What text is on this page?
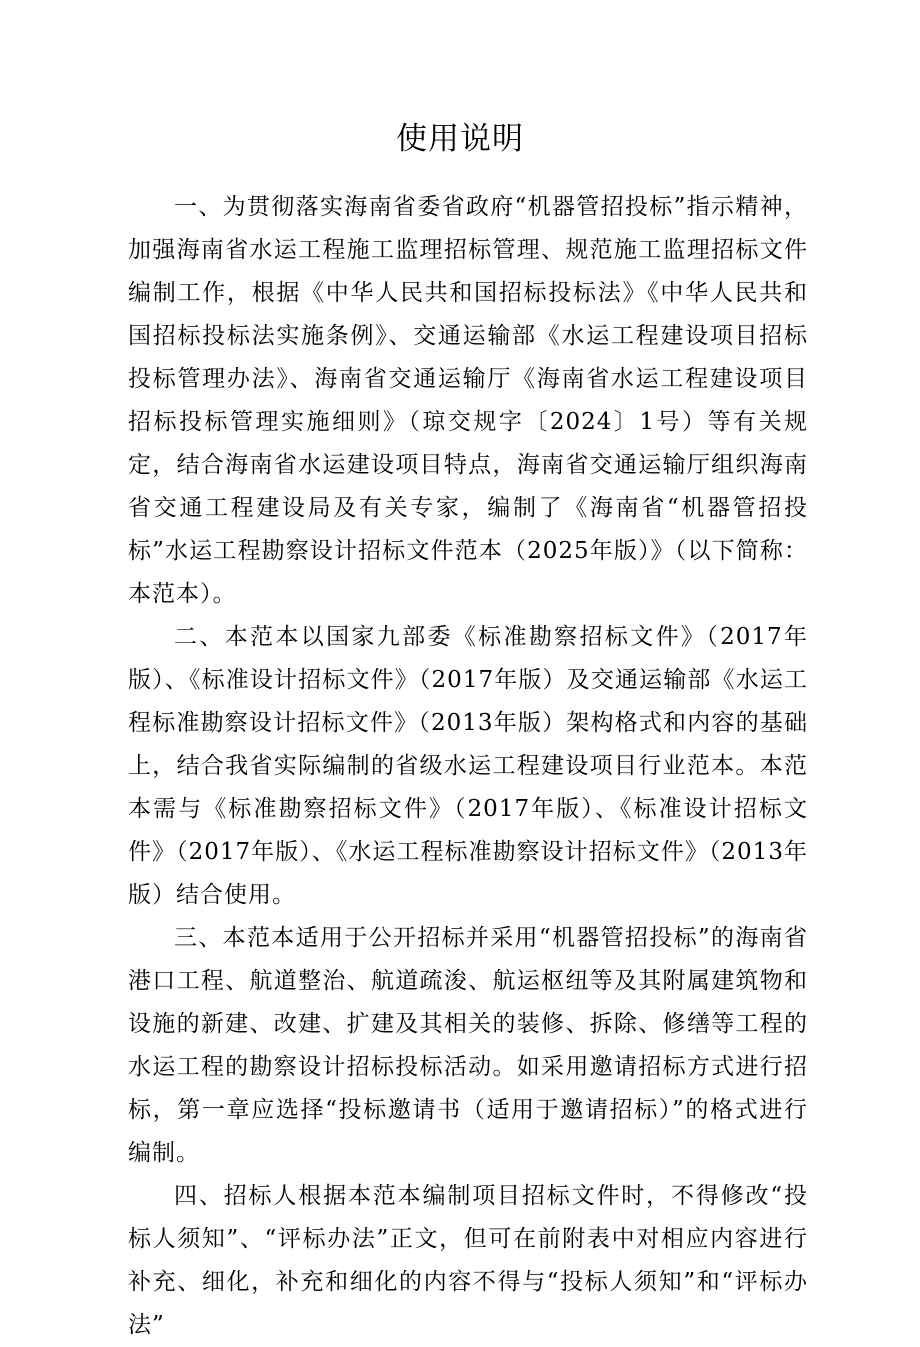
使用说明

一、为贯彻落实海南省委省政府“机器管招投标”指示精神，加强海南省水运工程施工监理招标管理、规范施工监理招标文件编制工作，根据《中华人民共和国招标投标法》《中华人民共和国招标投标法实施条例》、交通运输部《水运工程建设项目招标投标管理办法》、海南省交通运输厅《海南省水运工程建设项目招标投标管理实施细则》（琼交规字〔2024〕1号）等有关规定，结合海南省水运建设项目特点，海南省交通运输厅组织海南省交通工程建设局及有关专家，编制了《海南省“机器管招投标”水运工程勘察设计招标文件范本（2025年版）》（以下简称：本范本）。

二、本范本以国家九部委《标准勘察招标文件》（2017年版）、《标准设计招标文件》（2017年版）及交通运输部《水运工程标准勘察设计招标文件》（2013年版）架构格式和内容的基础上，结合我省实际编制的省级水运工程建设项目行业范本。本范本需与《标准勘察招标文件》（2017年版）、《标准设计招标文件》（2017年版）、《水运工程标准勘察设计招标文件》（2013年版）结合使用。

三、本范本适用于公开招标并采用“机器管招投标”的海南省港口工程、航道整治、航道疏浚、航运枢纽等及其附属建筑物和设施的新建、改建、扩建及其相关的装修、拆除、修缮等工程的水运工程的勘察设计招标投标活动。如采用邀请招标方式进行招标，第一章应选择“投标邀请书（适用于邀请招标）”的格式进行编制。

四、招标人根据本范本编制项目招标文件时，不得修改“投标人须知”、“评标办法”正文，但可在前附表中对相应内容进行补充、细化，补充和细化的内容不得与“投标人须知”和“评标办法”
